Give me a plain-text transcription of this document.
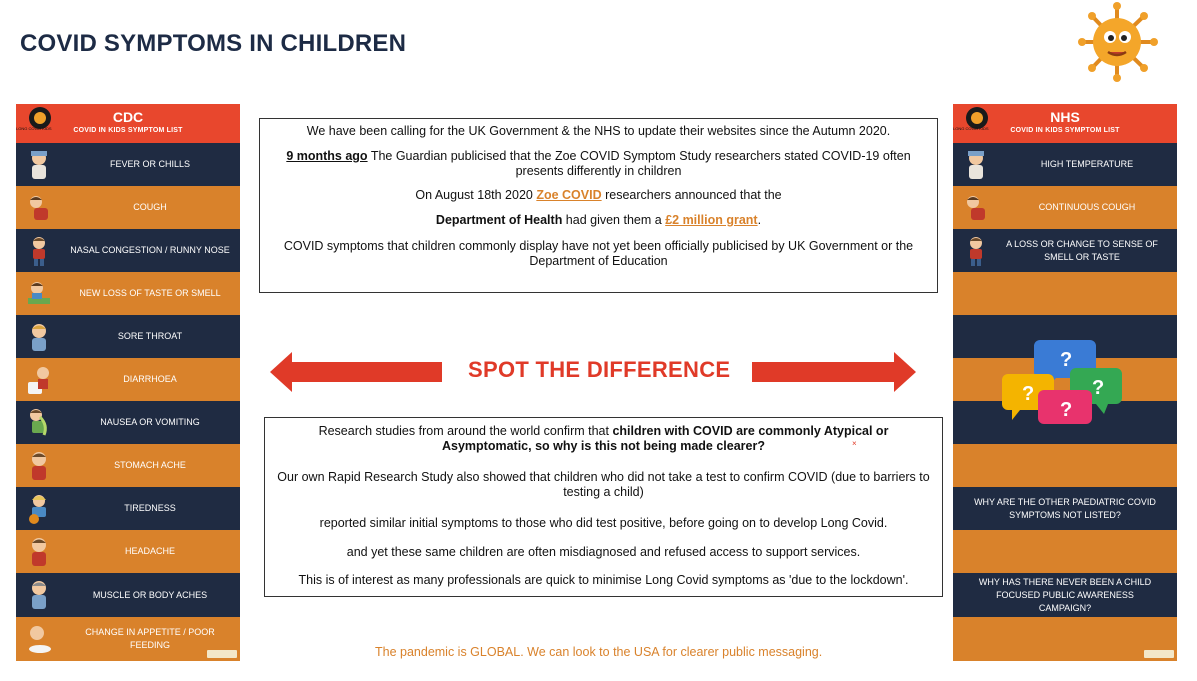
COVID SYMPTOMS IN CHILDREN
LONG COVID KIDS
CDC
COVID IN KIDS SYMPTOM LIST
FEVER OR CHILLS
COUGH
NASAL CONGESTION / RUNNY NOSE
NEW LOSS OF TASTE OR SMELL
SORE THROAT
DIARRHOEA
NAUSEA OR VOMITING
STOMACH ACHE
TIREDNESS
HEADACHE
MUSCLE OR BODY ACHES
CHANGE IN APPETITE / POOR FEEDING
LONG COVID KIDS
NHS
COVID IN KIDS SYMPTOM LIST
HIGH TEMPERATURE
CONTINUOUS COUGH
A LOSS OR CHANGE TO SENSE OF SMELL OR TASTE
WHY ARE THE OTHER PAEDIATRIC COVID SYMPTOMS NOT LISTED?
WHY HAS THERE NEVER BEEN A CHILD FOCUSED PUBLIC AWARENESS CAMPAIGN?
?
?	?
?

We have been calling for the UK Government & the NHS to update their websites since the Autumn 2020.

9 months ago The Guardian publicised that the Zoe COVID Symptom Study researchers stated COVID-19 often presents differently in children

On August 18th 2020 Zoe COVID researchers announced that the

Department of Health had given them a £2 million grant.

COVID symptoms that children commonly display have not yet been officially publicised by UK Government or the Department of Education

SPOT THE DIFFERENCE

Research studies from around the world confirm that children with COVID are commonly Atypical or Asymptomatic, so why is this not being made clearer?

Our own Rapid Research Study also showed that children who did not take a test to confirm COVID (due to barriers to testing a child)

reported similar initial symptoms to those who did test positive, before going on to develop Long Covid.

and yet these same children are often misdiagnosed and refused access to support services.

This is of interest as many professionals are quick to minimise Long Covid symptoms as 'due to the lockdown'.

×
The pandemic is GLOBAL. We can look to the USA for clearer public messaging.
